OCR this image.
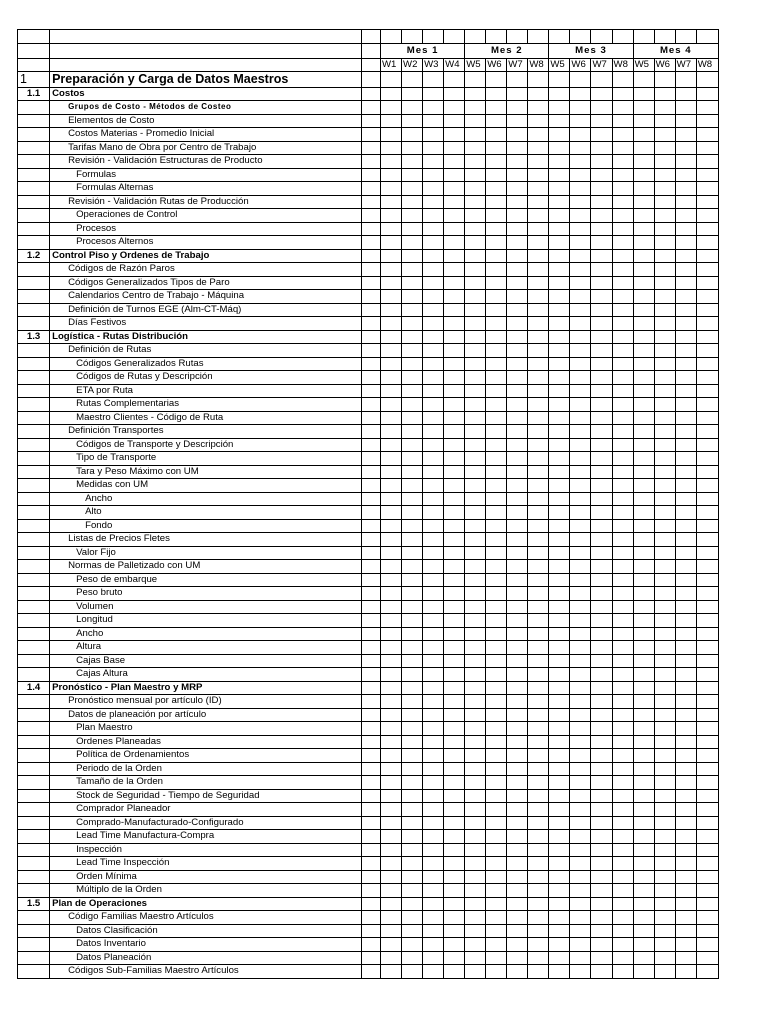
			Mes 1				Mes 2				Mes 3				Mes 4			
			W1	W2	W3	W4	W5	W6	W7	W8	W5	W6	W7	W8	W5	W6	W7	W8
1	Preparación y Carga de Datos Maestros																	
1.1	Costos																	
	Grupos de Costo - Métodos de Costeo																	
	Elementos de Costo																	
	Costos Materias - Promedio Inicial																	
	Tarifas Mano de Obra por Centro de Trabajo																	
	Revisión - Validación Estructuras de Producto																	
	Formulas																	
	Formulas Alternas																	
	Revisión - Validación Rutas de Producción																	
	Operaciones de Control																	
	Procesos																	
	Procesos Alternos																	
1.2	Control Piso y Ordenes de Trabajo																	
	Códigos de Razón Paros																	
	Códigos Generalizados Tipos de Paro																	
	Calendarios Centro de Trabajo - Máquina																	
	Definición de Turnos EGE (Alm-CT-Máq)																	
	Días Festivos																	
1.3	Logística - Rutas Distribución																	
	Definición de Rutas																	
	Códigos Generalizados Rutas																	
	Códigos de Rutas y Descripción																	
	ETA por Ruta																	
	Rutas Complementarias																	
	Maestro Clientes - Código de Ruta																	
	Definición Transportes																	
	Códigos de Transporte y Descripción																	
	Tipo de Transporte																	
	Tara y Peso Máximo con UM																	
	Medidas con UM																	
	Ancho																	
	Alto																	
	Fondo																	
	Listas de Precios Fletes																	
	Valor Fijo																	
	Normas de Palletizado con UM																	
	Peso de embarque																	
	Peso bruto																	
	Volumen																	
	Longitud																	
	Ancho																	
	Altura																	
	Cajas Base																	
	Cajas Altura																	
1.4	Pronóstico - Plan Maestro y MRP																	
	Pronóstico mensual por artículo (ID)																	
	Datos de planeación por artículo																	
	Plan Maestro																	
	Ordenes Planeadas																	
	Política de Ordenamientos																	
	Periodo de la Orden																	
	Tamaño de la Orden																	
	Stock de Seguridad - Tiempo de Seguridad																	
	Comprador Planeador																	
	Comprado-Manufacturado-Configurado																	
	Lead Time Manufactura-Compra																	
	Inspección																	
	Lead Time Inspección																	
	Orden Mínima																	
	Múltiplo de la Orden																	
1.5	Plan de Operaciones																	
	Código Familias Maestro Artículos																	
	Datos Clasificación																	
	Datos Inventario																	
	Datos Planeación																	
	Códigos Sub-Familias Maestro Artículos																	
